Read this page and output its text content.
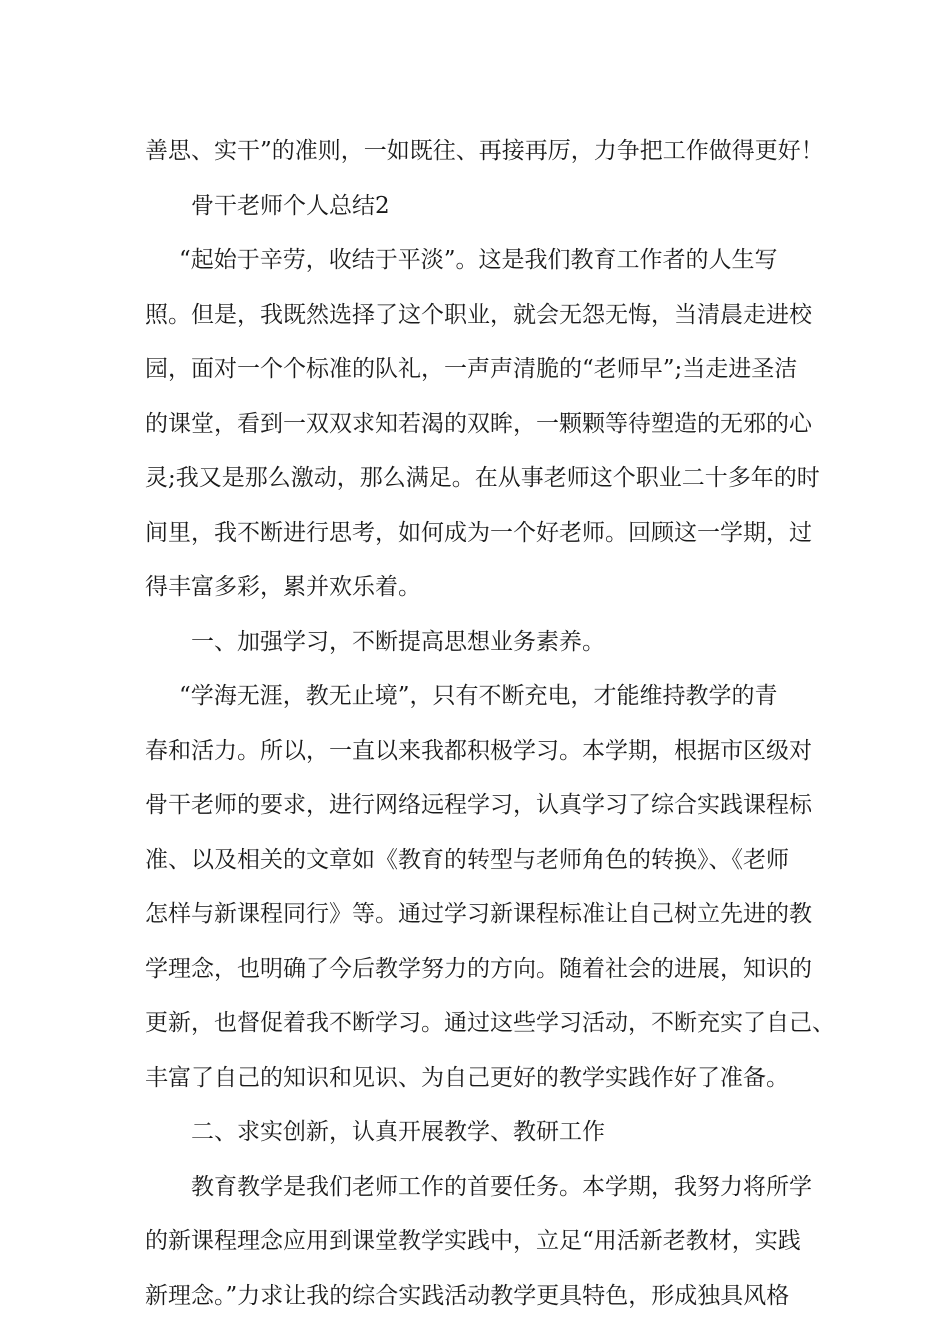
善思、实干”的准则，一如既往、再接再厉，力争把工作做得更好！
骨干老师个人总结2
“起始于辛劳，收结于平淡”。这是我们教育工作者的人生写
照。但是，我既然选择了这个职业，就会无怨无悔，当清晨走进校
园，面对一个个标准的队礼，一声声清脆的“老师早”;当走进圣洁
的课堂，看到一双双求知若渴的双眸，一颗颗等待塑造的无邪的心
灵;我又是那么激动，那么满足。在从事老师这个职业二十多年的时
间里，我不断进行思考，如何成为一个好老师。回顾这一学期，过
得丰富多彩，累并欢乐着。
一、加强学习，不断提高思想业务素养。
“学海无涯，教无止境”，只有不断充电，才能维持教学的青
春和活力。所以，一直以来我都积极学习。本学期，根据市区级对
骨干老师的要求，进行网络远程学习，认真学习了综合实践课程标
准、以及相关的文章如《教育的转型与老师角色的转换》、《老师
怎样与新课程同行》等。通过学习新课程标准让自己树立先进的教
学理念，也明确了今后教学努力的方向。随着社会的进展，知识的
更新，也督促着我不断学习。通过这些学习活动，不断充实了自己、
丰富了自己的知识和见识、为自己更好的教学实践作好了准备。
二、求实创新，认真开展教学、教研工作
教育教学是我们老师工作的首要任务。本学期，我努力将所学
的新课程理念应用到课堂教学实践中，立足“用活新老教材，实践
新理念。”力求让我的综合实践活动教学更具特色，形成独具风格
